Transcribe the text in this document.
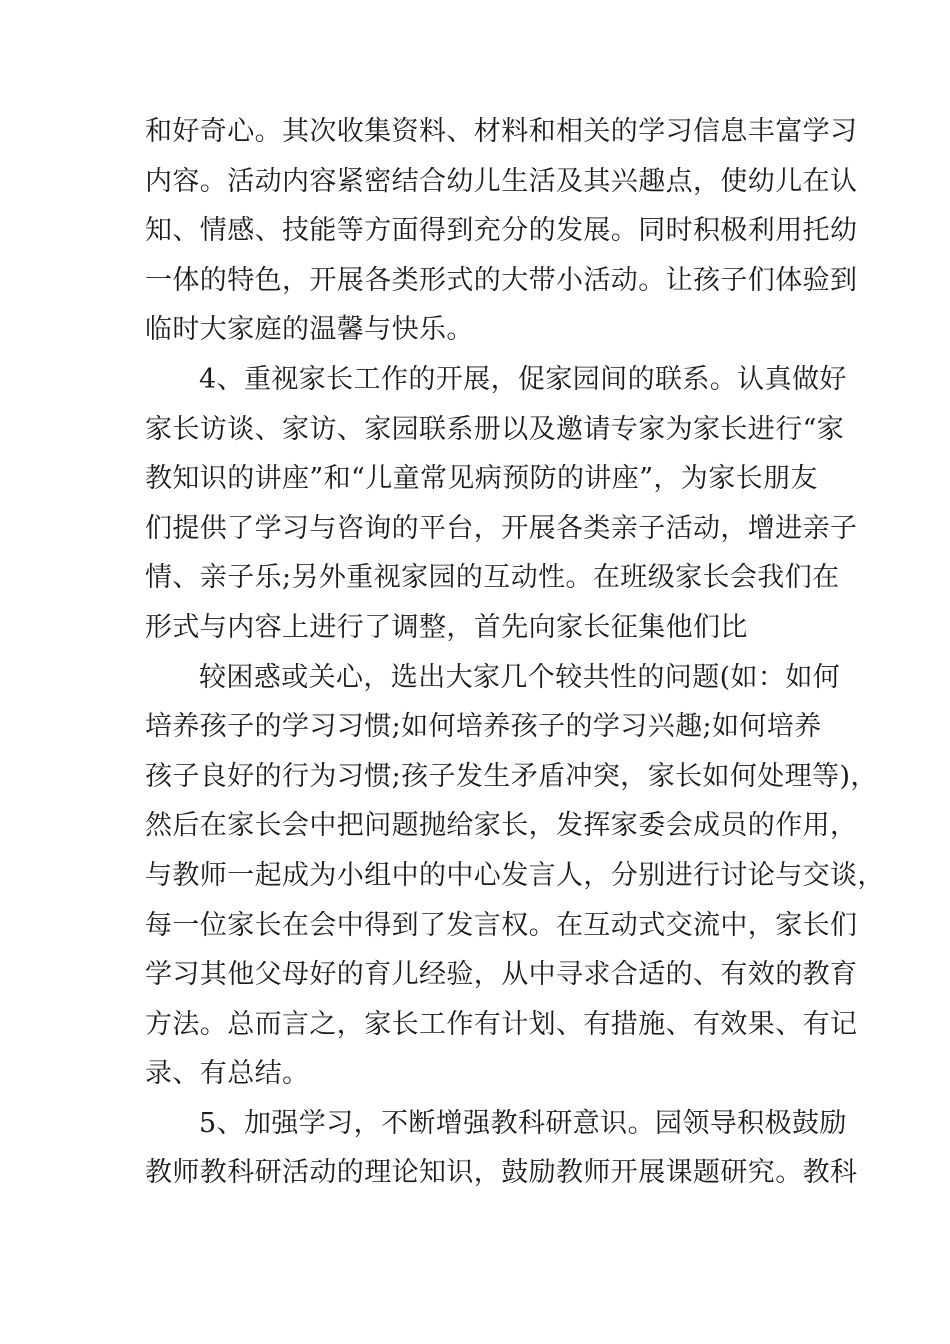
和好奇心。其次收集资料、材料和相关的学习信息丰富学习
内容。活动内容紧密结合幼儿生活及其兴趣点，使幼儿在认
知、情感、技能等方面得到充分的发展。同时积极利用托幼
一体的特色，开展各类形式的大带小活动。让孩子们体验到
临时大家庭的温馨与快乐。
4、重视家长工作的开展，促家园间的联系。认真做好
家长访谈、家访、家园联系册以及邀请专家为家长进行“家
教知识的讲座”和“儿童常见病预防的讲座”，为家长朋友
们提供了学习与咨询的平台，开展各类亲子活动，增进亲子
情、亲子乐;另外重视家园的互动性。在班级家长会我们在
形式与内容上进行了调整，首先向家长征集他们比
较困惑或关心，选出大家几个较共性的问题(如：如何
培养孩子的学习习惯;如何培养孩子的学习兴趣;如何培养
孩子良好的行为习惯;孩子发生矛盾冲突，家长如何处理等)，
然后在家长会中把问题抛给家长，发挥家委会成员的作用，
与教师一起成为小组中的中心发言人，分别进行讨论与交谈，
每一位家长在会中得到了发言权。在互动式交流中，家长们
学习其他父母好的育儿经验，从中寻求合适的、有效的教育
方法。总而言之，家长工作有计划、有措施、有效果、有记
录、有总结。
5、加强学习，不断增强教科研意识。园领导积极鼓励
教师教科研活动的理论知识，鼓励教师开展课题研究。教科
